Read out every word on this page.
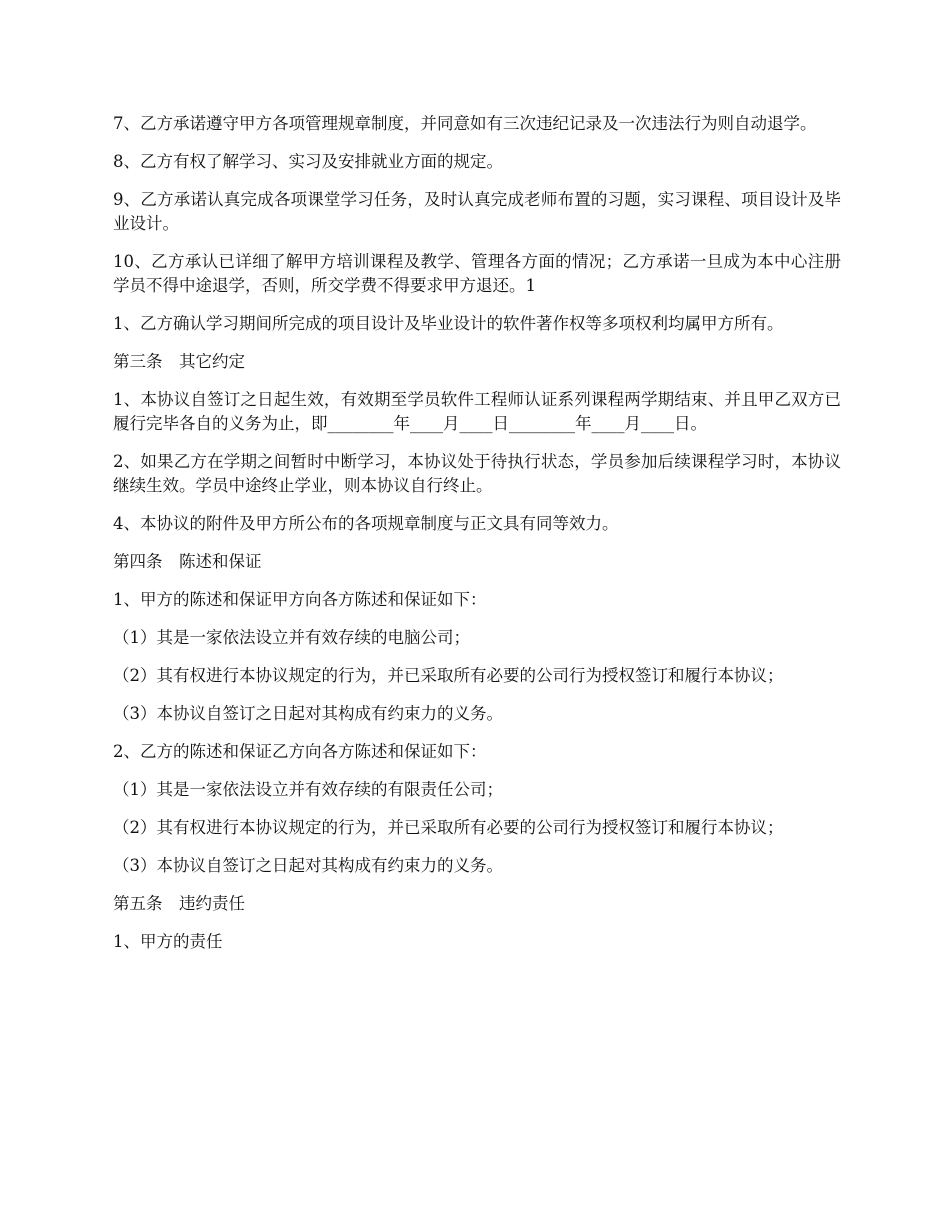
7、乙方承诺遵守甲方各项管理规章制度，并同意如有三次违纪记录及一次违法行为则自动退学。

8、乙方有权了解学习、实习及安排就业方面的规定。

9、乙方承诺认真完成各项课堂学习任务，及时认真完成老师布置的习题，实习课程、项目设计及毕业设计。

10、乙方承认已详细了解甲方培训课程及教学、管理各方面的情况；乙方承诺一旦成为本中心注册学员不得中途退学，否则，所交学费不得要求甲方退还。1

1、乙方确认学习期间所完成的项目设计及毕业设计的软件著作权等多项权利均属甲方所有。

第三条　其它约定

1、本协议自签订之日起生效，有效期至学员软件工程师认证系列课程两学期结束、并且甲乙双方已履行完毕各自的义务为止，即________年____月____日________年____月____日。

2、如果乙方在学期之间暂时中断学习，本协议处于待执行状态，学员参加后续课程学习时，本协议继续生效。学员中途终止学业，则本协议自行终止。

4、本协议的附件及甲方所公布的各项规章制度与正文具有同等效力。

第四条　陈述和保证

1、甲方的陈述和保证甲方向各方陈述和保证如下：

（1）其是一家依法设立并有效存续的电脑公司；

（2）其有权进行本协议规定的行为，并已采取所有必要的公司行为授权签订和履行本协议；

（3）本协议自签订之日起对其构成有约束力的义务。

2、乙方的陈述和保证乙方向各方陈述和保证如下：

（1）其是一家依法设立并有效存续的有限责任公司；

（2）其有权进行本协议规定的行为，并已采取所有必要的公司行为授权签订和履行本协议；

（3）本协议自签订之日起对其构成有约束力的义务。

第五条　违约责任

1、甲方的责任
